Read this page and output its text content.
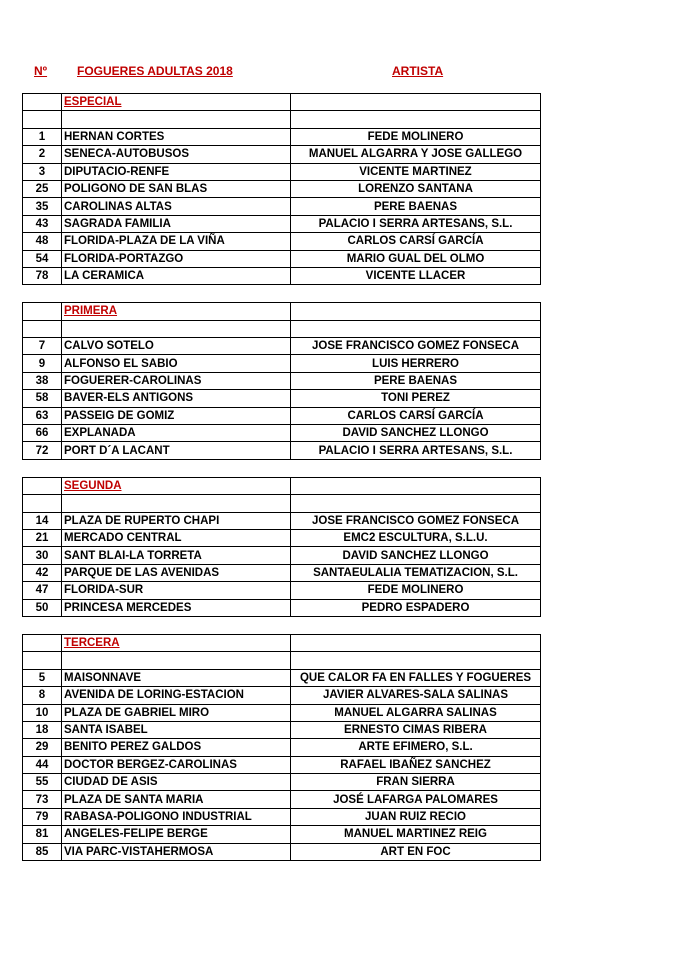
Nº FOGUERES ADULTAS 2018	ARTISTA
	ESPECIAL	

1	HERNAN CORTES	FEDE MOLINERO
2	SENECA-AUTOBUSOS	MANUEL ALGARRA Y JOSE GALLEGO
3	DIPUTACIO-RENFE	VICENTE MARTINEZ
25	POLIGONO DE SAN BLAS	LORENZO SANTANA
35	CAROLINAS ALTAS	PERE BAENAS
43	SAGRADA FAMILIA	PALACIO I SERRA ARTESANS, S.L.
48	FLORIDA-PLAZA DE LA VIÑA	CARLOS CARSÍ GARCÍA
54	FLORIDA-PORTAZGO	MARIO GUAL DEL OLMO
78	LA CERAMICA	VICENTE LLACER
	PRIMERA	

7	CALVO SOTELO	JOSE FRANCISCO GOMEZ FONSECA
9	ALFONSO EL SABIO	LUIS HERRERO
38	FOGUERER-CAROLINAS	PERE BAENAS
58	BAVER-ELS ANTIGONS	TONI PEREZ
63	PASSEIG DE GOMIZ	CARLOS CARSÍ GARCÍA
66	EXPLANADA	DAVID SANCHEZ LLONGO
72	PORT D´A LACANT	PALACIO I SERRA ARTESANS, S.L.
	SEGUNDA	

14	PLAZA DE RUPERTO CHAPI	JOSE FRANCISCO GOMEZ FONSECA
21	MERCADO CENTRAL	EMC2 ESCULTURA, S.L.U.
30	SANT BLAI-LA TORRETA	DAVID SANCHEZ LLONGO
42	PARQUE DE LAS AVENIDAS	SANTAEULALIA TEMATIZACION, S.L.
47	FLORIDA-SUR	FEDE MOLINERO
50	PRINCESA MERCEDES	PEDRO ESPADERO
	TERCERA	

5	MAISONNAVE	QUE CALOR FA EN FALLES Y FOGUERES
8	AVENIDA DE LORING-ESTACION	JAVIER ALVARES-SALA SALINAS
10	PLAZA DE GABRIEL MIRO	MANUEL ALGARRA SALINAS
18	SANTA ISABEL	ERNESTO CIMAS RIBERA
29	BENITO PEREZ GALDOS	ARTE EFIMERO, S.L.
44	DOCTOR BERGEZ-CAROLINAS	RAFAEL IBAÑEZ SANCHEZ
55	CIUDAD DE ASIS	FRAN SIERRA
73	PLAZA DE SANTA MARIA	JOSÉ LAFARGA PALOMARES
79	RABASA-POLIGONO INDUSTRIAL	JUAN RUIZ RECIO
81	ANGELES-FELIPE BERGE	MANUEL MARTINEZ REIG
85	VIA PARC-VISTAHERMOSA	ART EN FOC
